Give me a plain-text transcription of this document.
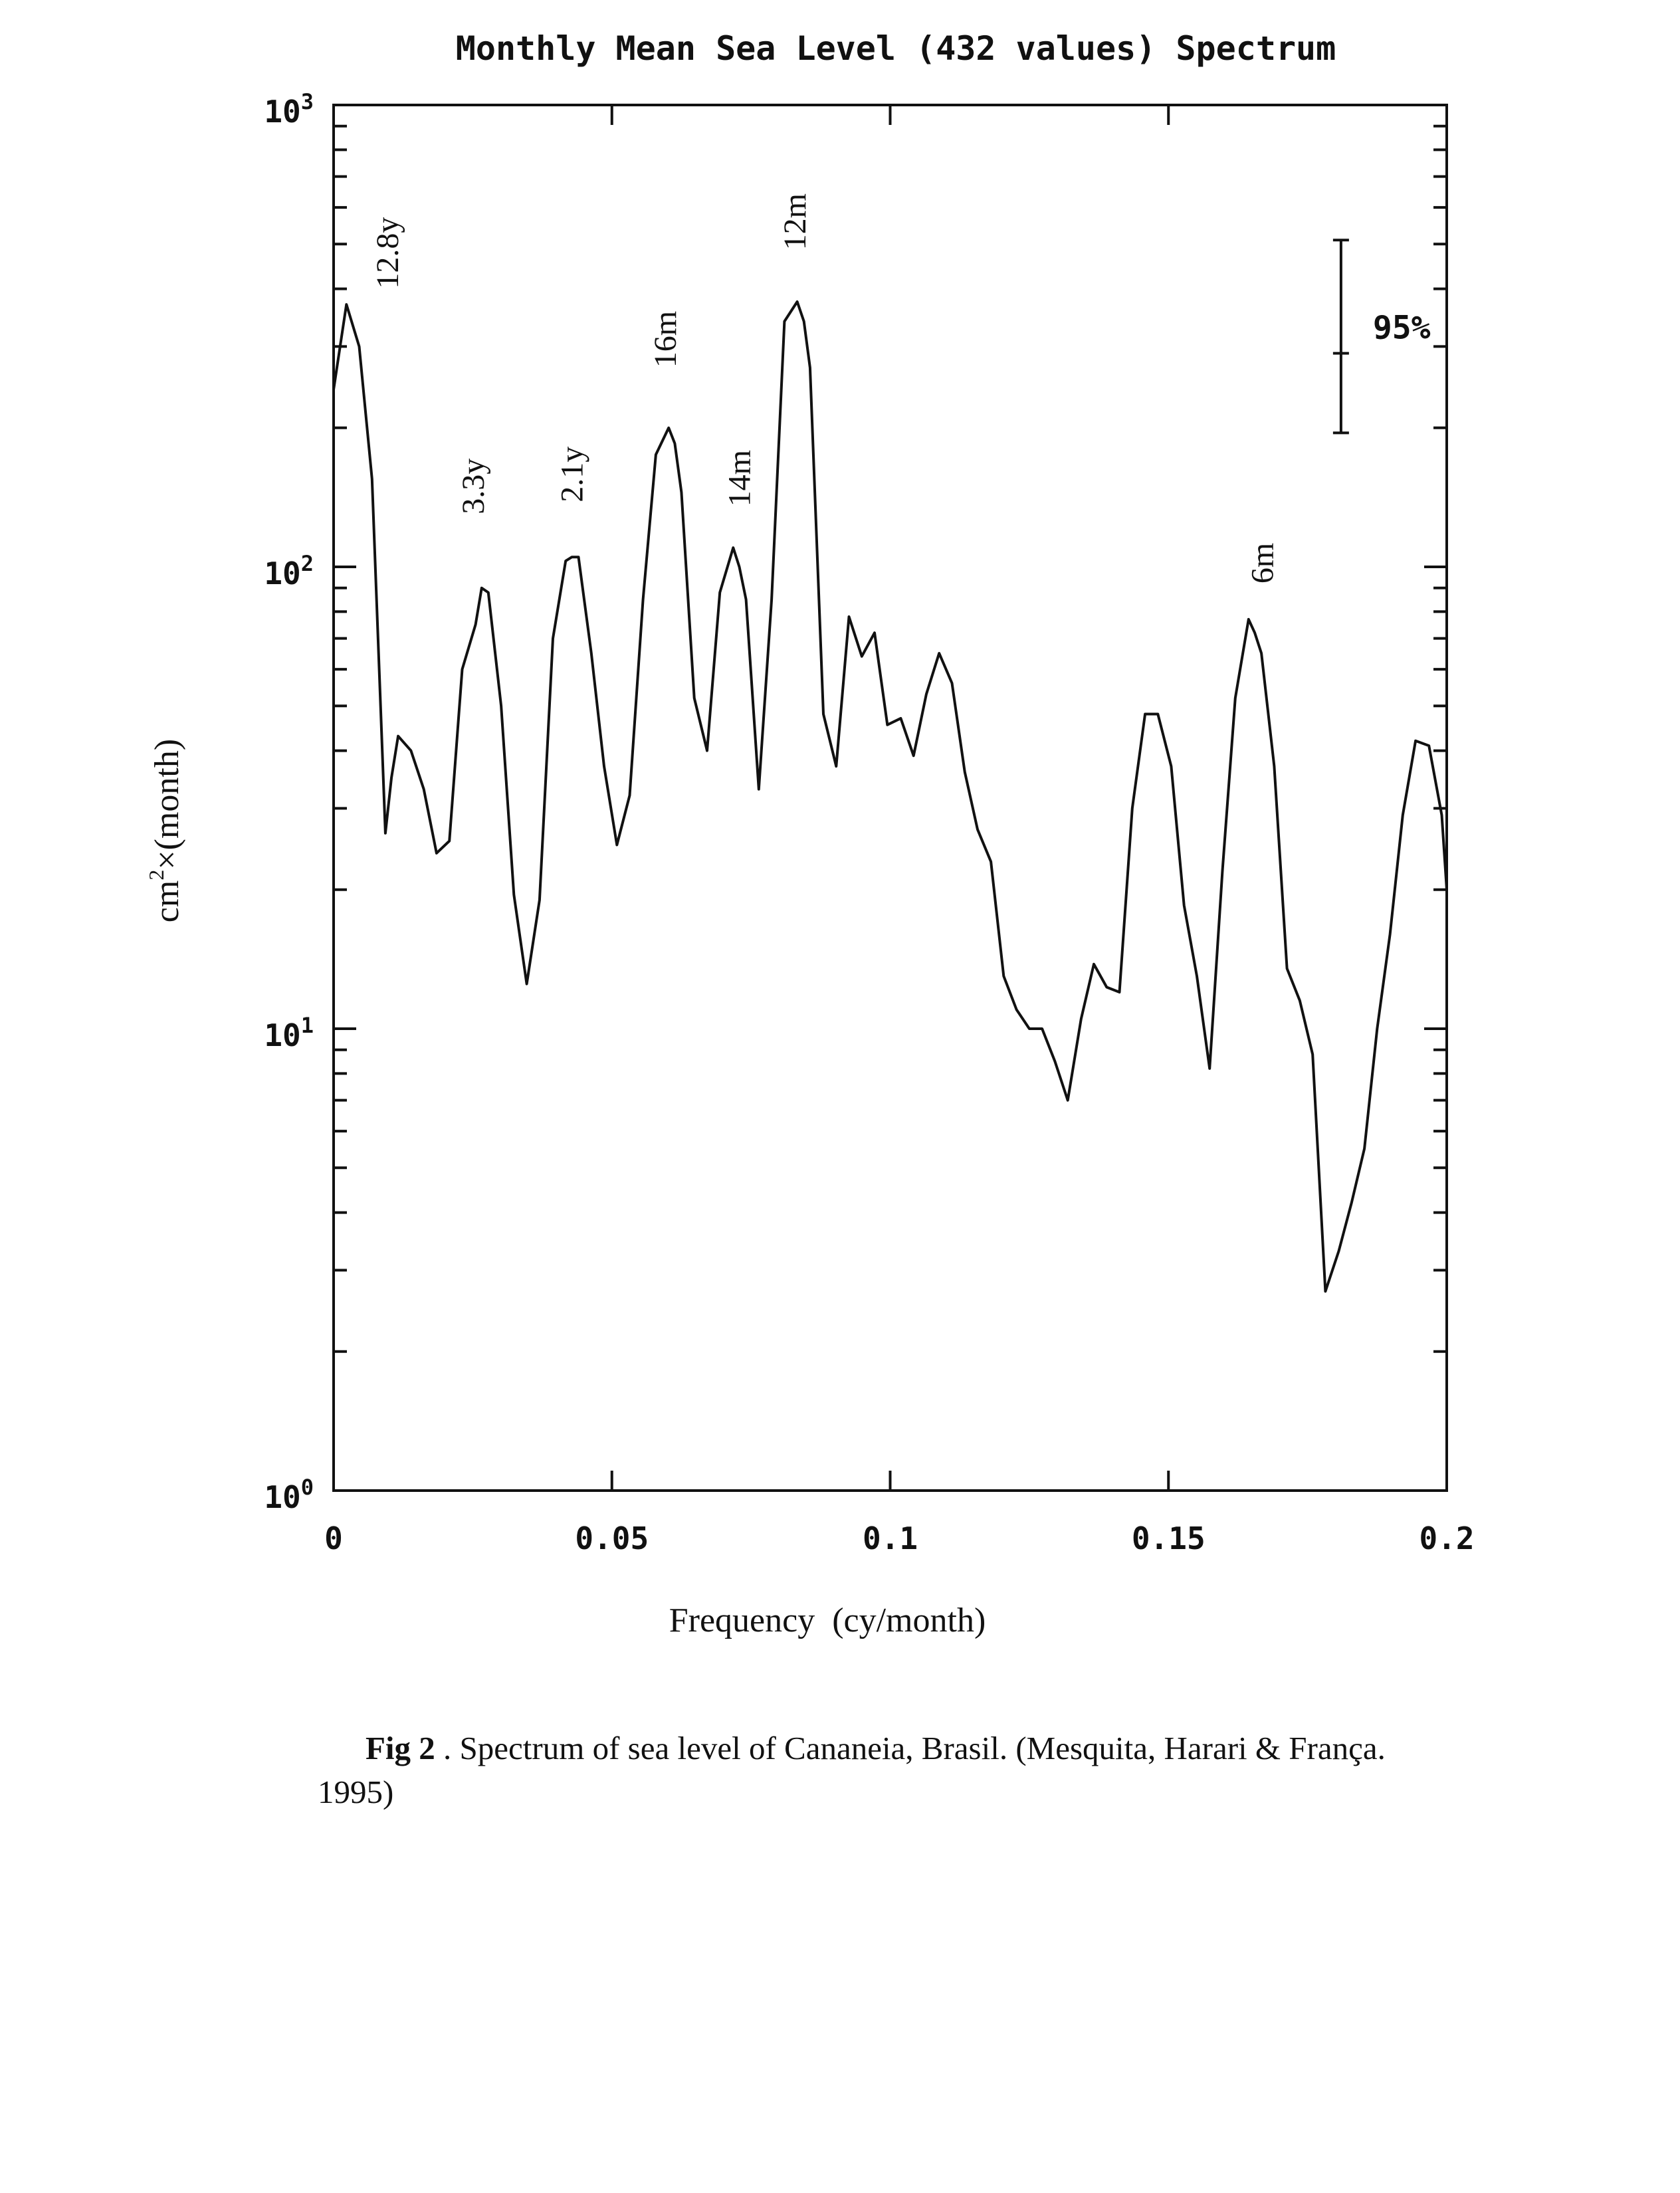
Monthly Mean Sea Level (432 values) Spectrum
0	0.05	0.1	0.15	0.2
$10^0$
$10^1$
$10^2$
$10^3$
12.8y
3.3y 2.1y
16m
14m
12m
6m
95%
Frequency  (cy/month)
$cm^2\times(month)$
Fig 2 . Spectrum of sea level of Cananeia, Brasil. (Mesquita, Harari & França. 1995)
